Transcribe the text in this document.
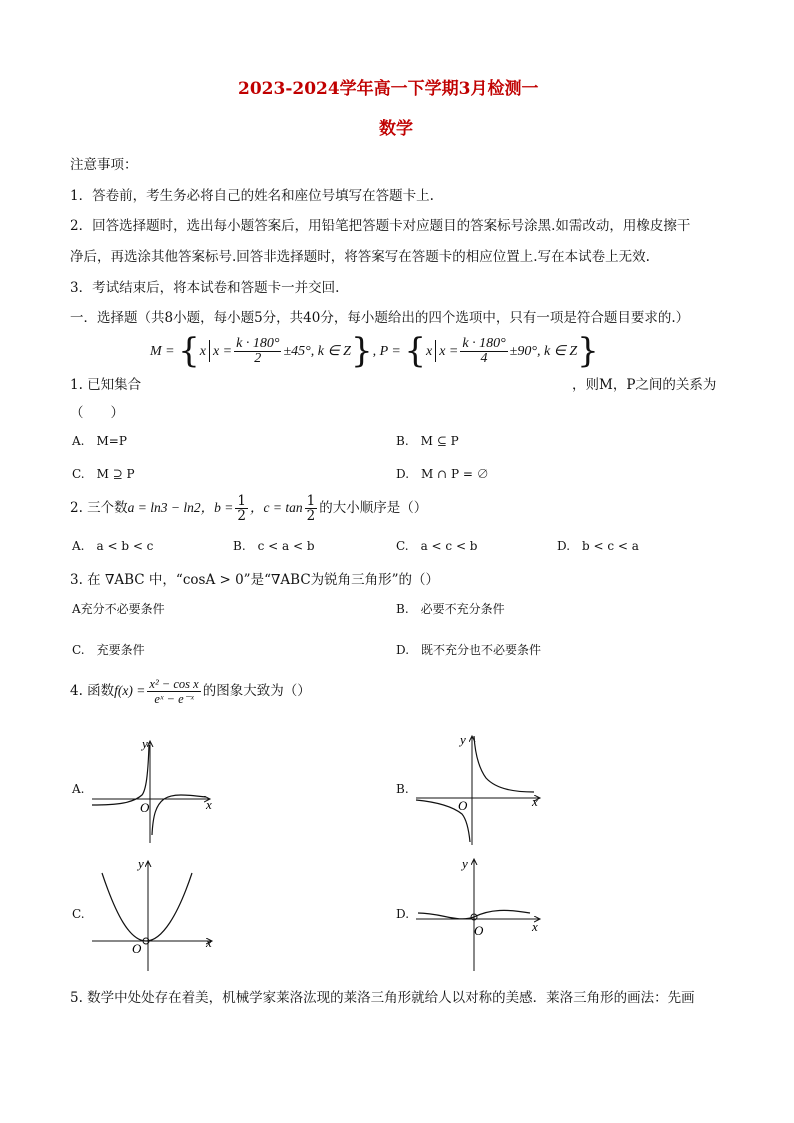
2023-2024学年高一下学期3月检测一
数学
注意事项：
1．答卷前，考生务必将自己的姓名和座位号填写在答题卡上.
2．回答选择题时，选出每小题答案后，用铅笔把答题卡对应题目的答案标号涂黑.如需改动，用橡皮擦干
净后，再选涂其他答案标号.回答非选择题时，将答案写在答题卡的相应位置上.写在本试卷上无效.
3．考试结束后，将本试卷和答题卡一并交回.
一．选择题（共8小题，每小题5分，共40分，每小题给出的四个选项中，只有一项是符合题目要求的.）
M = {x $x = \frac{k \cdot 180^\circ}{2} \pm 45^\circ$, k ∈ Z}, P = {x $x = \frac{k \cdot 180^\circ}{4} \pm 90^\circ$, k ∈ Z}
1. 已知集合	，则M，P之间的关系为
（　　）
A.　M=P	B.　M ⊆ P
C.　M ⊇ P	D.　M ∩ P = ∅
2. 三个数a = ln3 − ln2，$b = \frac{1}{2}$ ，$c = \tan \frac{1}{2}$ 的大小顺序是（）
A.　a < b < c	B.　c < a < b	C.　a < c < b	D.　b < c < a
3. 在 ∇ABC 中，“cosA > 0”是“∇ABC为锐角三角形”的（）
A充分不必要条件	B.　必要不充分条件
C.　充要条件	D.　既不充分也不必要条件
4. 函数$f(x) = \frac{\text{x² − cos x}}{\text{eˣ − e⁻ˣ}}$ 的图象大致为（）
A.	B.
C.	D.
y
x
O
y
x
O
y
x
O
y
x
O
5. 数学中处处存在着美，机械学家莱洛汯现的莱洛三角形就给人以对称的美感．莱洛三角形的画法：先画
